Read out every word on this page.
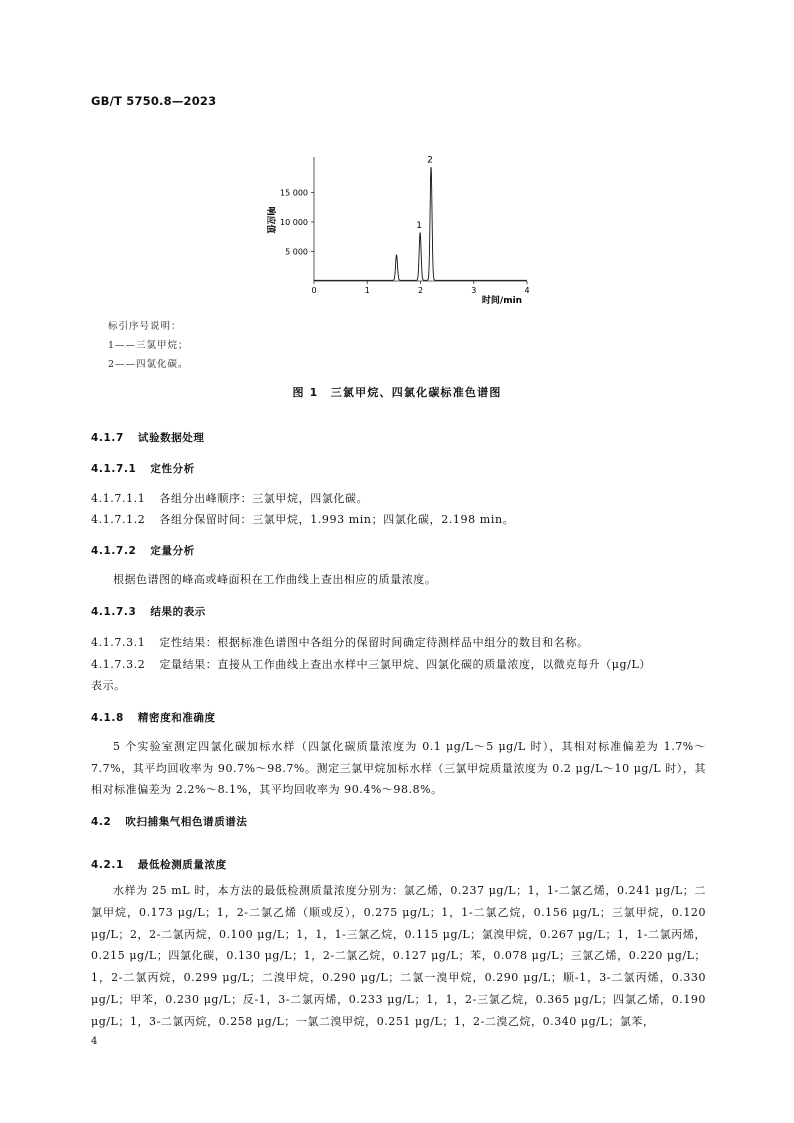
GB/T 5750.8—2023
5 000
10 000
15 000
0	1	2	3	4
1
2
时间/min
响应值
标引序号说明：
1——三氯甲烷；
2——四氯化碳。
图 1　三氯甲烷、四氯化碳标准色谱图
4.1.7 试验数据处理
4.1.7.1 定性分析
4.1.7.1.1 各组分出峰顺序：三氯甲烷，四氯化碳。
4.1.7.1.2 各组分保留时间：三氯甲烷，1.993 min；四氯化碳，2.198 min。
4.1.7.2 定量分析
根据色谱图的峰高或峰面积在工作曲线上查出相应的质量浓度。
4.1.7.3 结果的表示
4.1.7.3.1 定性结果：根据标准色谱图中各组分的保留时间确定待测样品中组分的数目和名称。
4.1.7.3.2 定量结果：直接从工作曲线上查出水样中三氯甲烷、四氯化碳的质量浓度，以微克每升（μg/L）
表示。
4.1.8 精密度和准确度
5 个实验室测定四氯化碳加标水样（四氯化碳质量浓度为 0.1 μg/L～5 μg/L 时），其相对标准偏差为 1.7%～7.7%，其平均回收率为 90.7%～98.7%。测定三氯甲烷加标水样（三氯甲烷质量浓度为 0.2 μg/L～10 μg/L 时），其相对标准偏差为 2.2%～8.1%，其平均回收率为 90.4%～98.8%。
4.2 吹扫捕集气相色谱质谱法
4.2.1 最低检测质量浓度
水样为 25 mL 时，本方法的最低检测质量浓度分别为：氯乙烯，0.237 μg/L；1，1-二氯乙烯，0.241 μg/L；二氯甲烷，0.173 μg/L；1，2-二氯乙烯（顺或反），0.275 μg/L；1，1-二氯乙烷，0.156 μg/L；三氯甲烷，0.120 μg/L；2，2-二氯丙烷，0.100 μg/L；1，1，1-三氯乙烷，0.115 μg/L；氯溴甲烷，0.267 μg/L；1，1-二氯丙烯，0.215 μg/L；四氯化碳，0.130 μg/L；1，2-二氯乙烷，0.127 μg/L；苯，0.078 μg/L；三氯乙烯，0.220 μg/L；1，2-二氯丙烷，0.299 μg/L；二溴甲烷，0.290 μg/L；二氯一溴甲烷，0.290 μg/L；顺-1，3-二氯丙烯，0.330 μg/L；甲苯，0.230 μg/L；反-1，3-二氯丙烯，0.233 μg/L；1，1，2-三氯乙烷，0.365 μg/L；四氯乙烯，0.190 μg/L；1，3-二氯丙烷，0.258 μg/L；一氯二溴甲烷，0.251 μg/L；1，2-二溴乙烷，0.340 μg/L；氯苯，
4
